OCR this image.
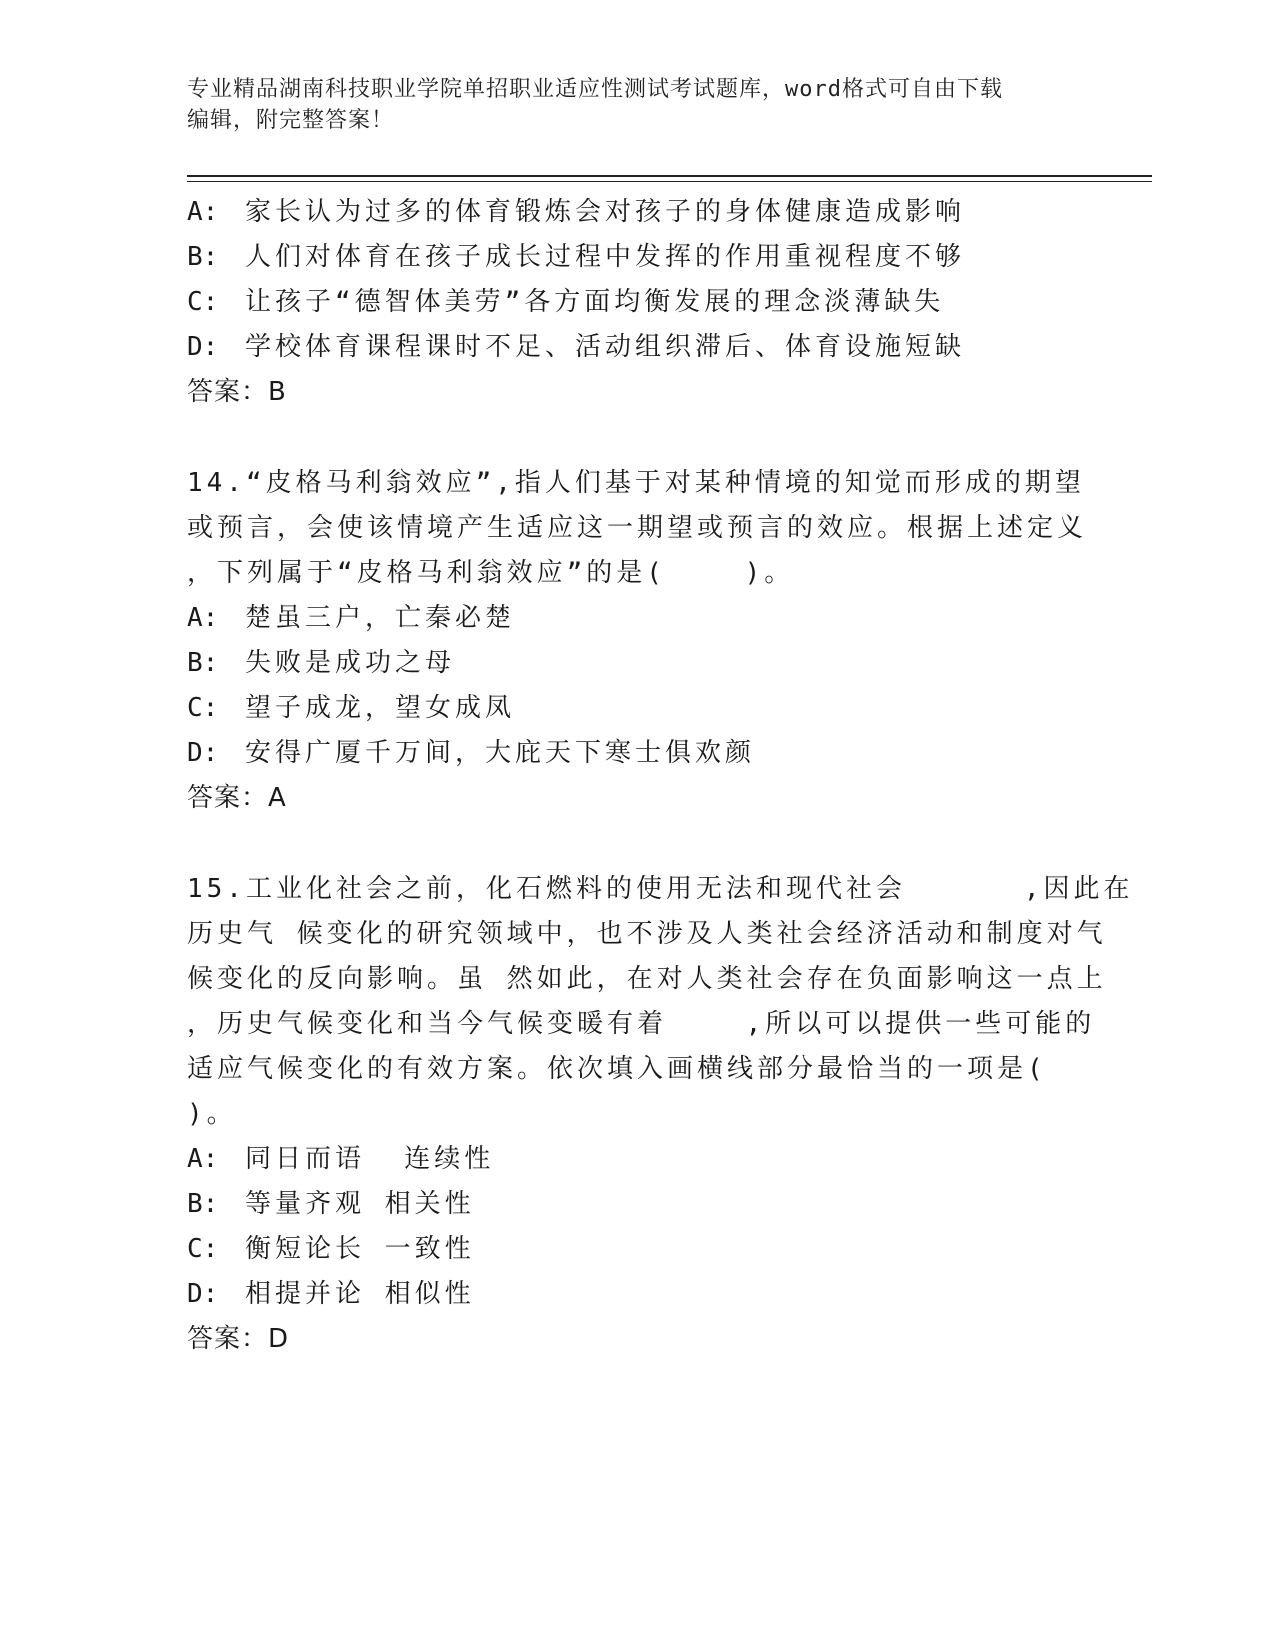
专业精品湖南科技职业学院单招职业适应性测试考试题库，word格式可自由下载
编辑，附完整答案！
A:	家长认为过多的体育锻炼会对孩子的身体健康造成影响
B:	人们对体育在孩子成长过程中发挥的作用重视程度不够
C:	让孩子“德智体美劳”各方面均衡发展的理念淡薄缺失
D:	学校体育课程课时不足、活动组织滞后、体育设施短缺
答案：B
14.“皮格马利翁效应”,指人们基于对某种情境的知觉而形成的期望
或预言，会使该情境产生适应这一期望或预言的效应。根据上述定义
，下列属于“皮格马利翁效应”的是(    )。
A:	楚虽三户，亡秦必楚
B:	失败是成功之母
C:	望子成龙，望女成凤
D:	安得广厦千万间，大庇天下寒士俱欢颜
答案：A
15.工业化社会之前，化石燃料的使用无法和现代社会      ,因此在
历史气 候变化的研究领域中，也不涉及人类社会经济活动和制度对气
候变化的反向影响。虽 然如此，在对人类社会存在负面影响这一点上
，历史气候变化和当今气候变暖有着    ,所以可以提供一些可能的
适应气候变化的有效方案。依次填入画横线部分最恰当的一项是(
)。
A:	同日而语  连续性
B:	等量齐观 相关性
C:	衡短论长 一致性
D:	相提并论 相似性
答案：D
